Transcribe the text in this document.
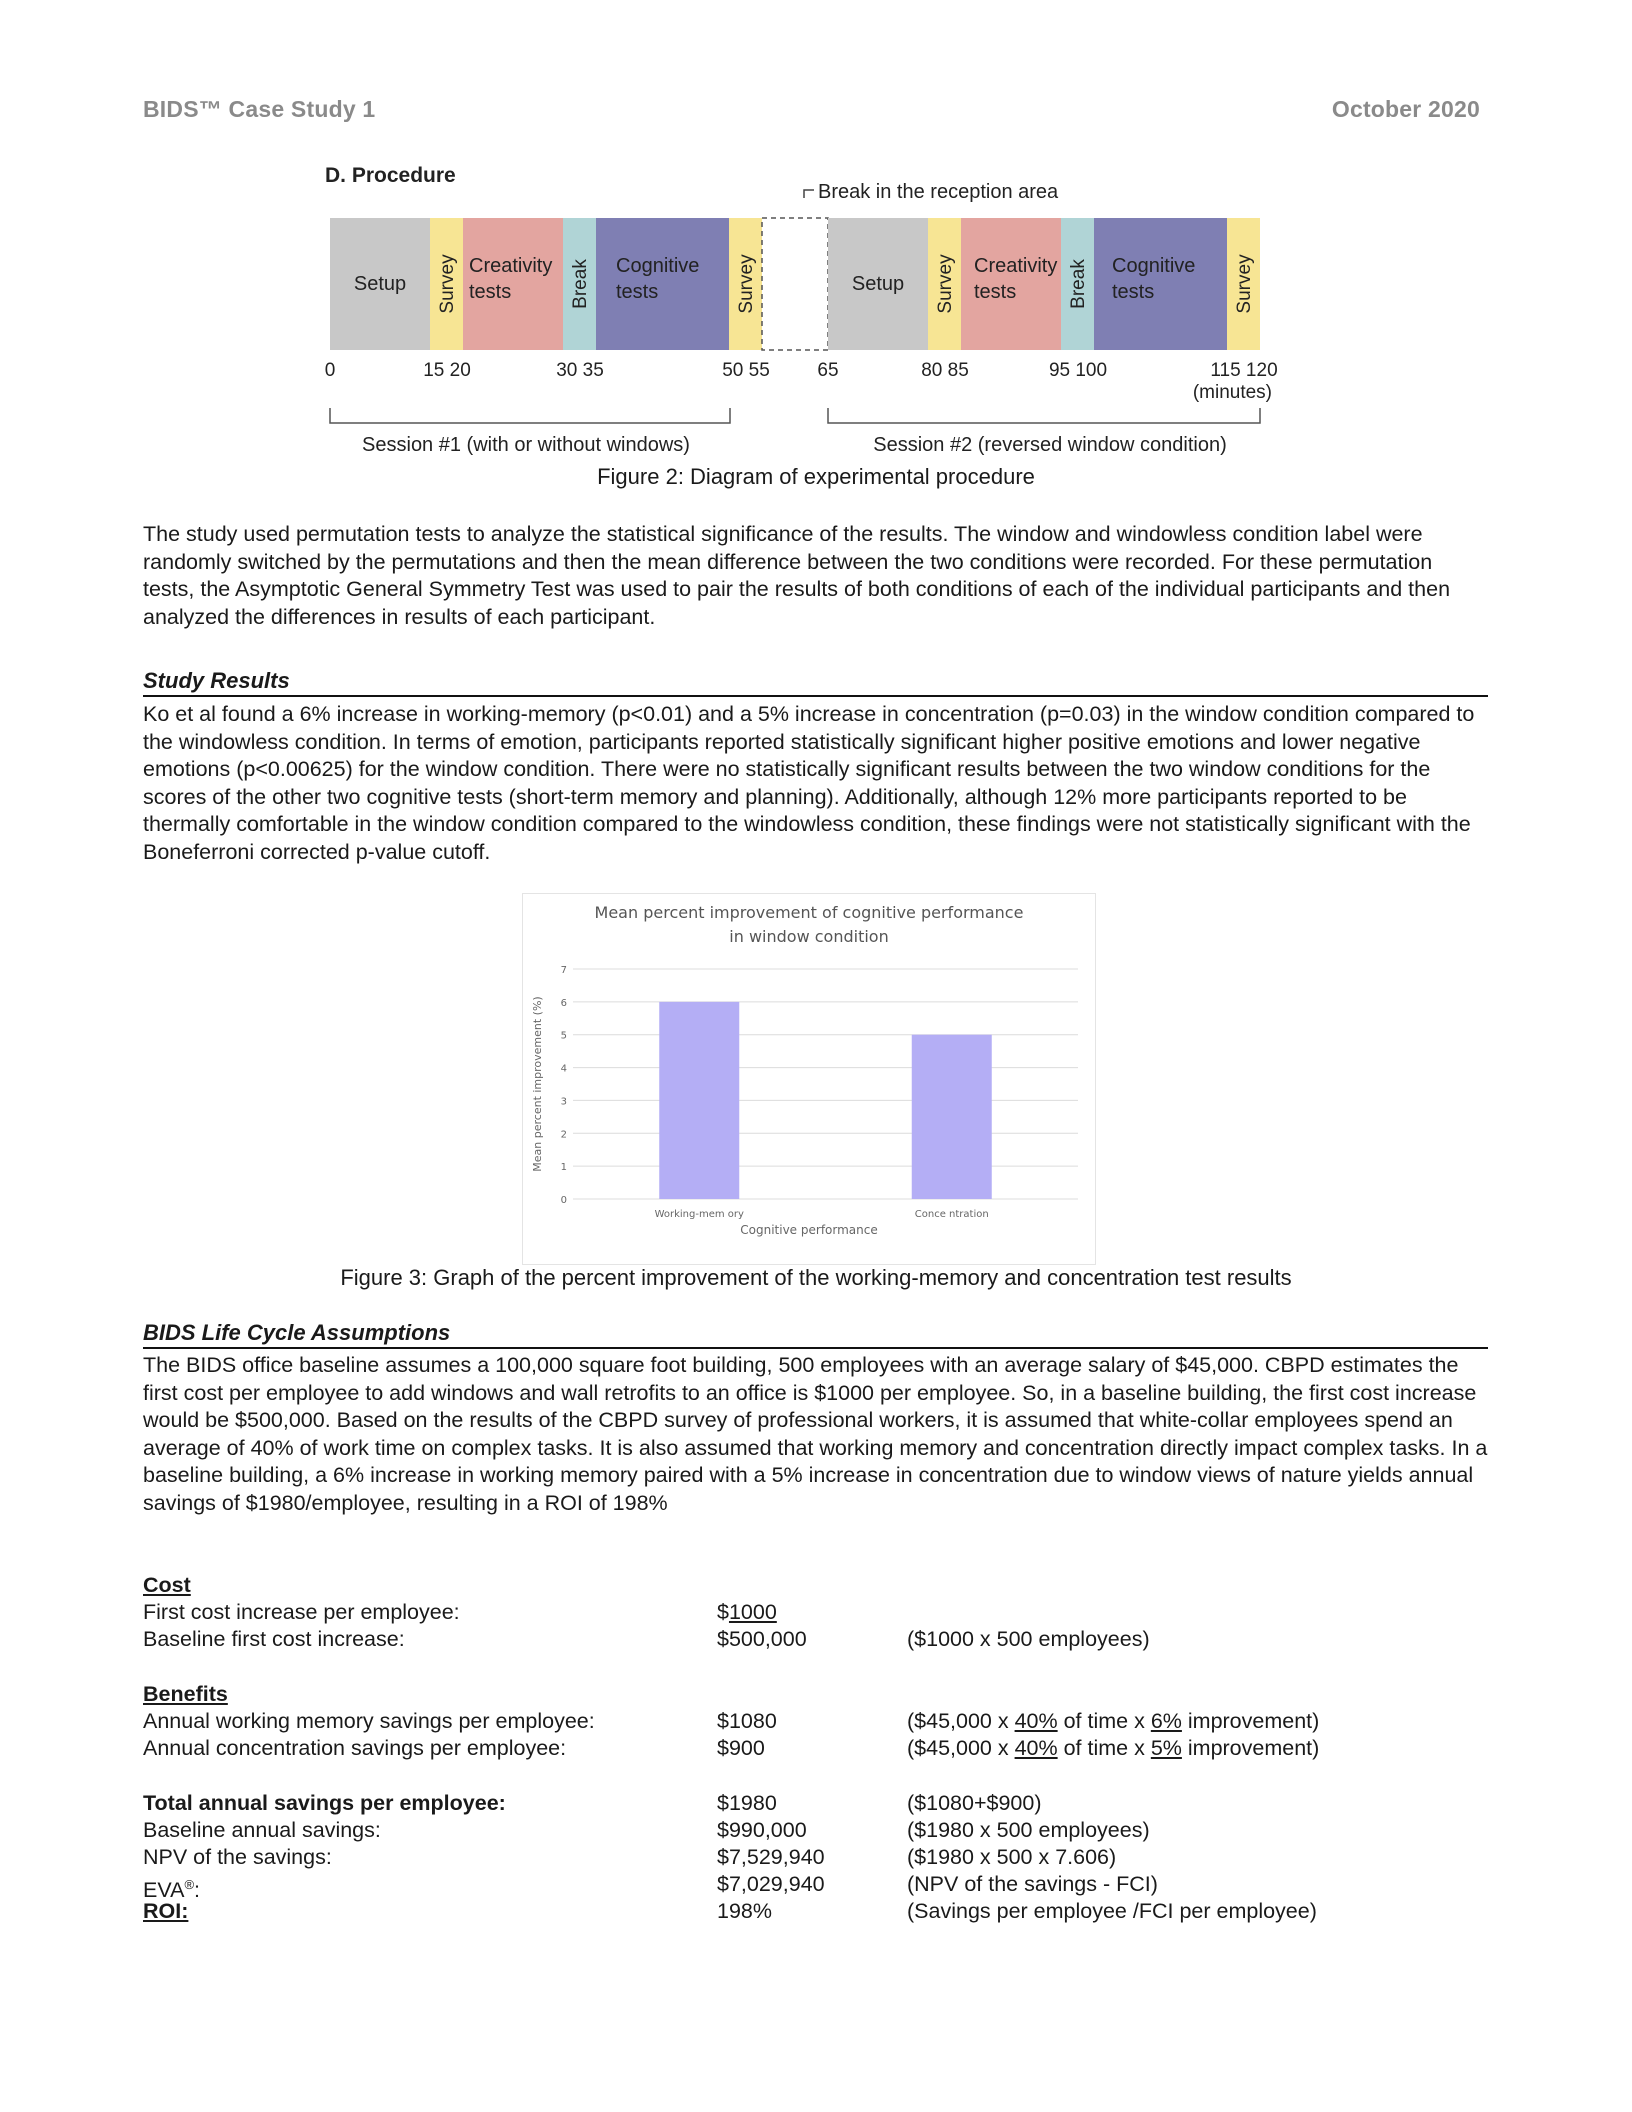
BIDS™ Case Study 1	October 2020
D. Procedure
Break in the reception area
Setup Survey Creativity
tests	Break Cognitive
tests	Survey	Setup Survey Creativity
tests	Break Cognitive
tests	Survey
0	15 20	30 35	50 55	65	80 85	95 100	115 120
(minutes)
Session #1 (with or without windows)	Session #2 (reversed window condition)
Figure 2: Diagram of experimental procedure
The study used permutation tests to analyze the statistical significance of the results. The window and windowless condition label were randomly switched by the permutations and then the mean difference between the two conditions were recorded. For these permutation tests, the Asymptotic General Symmetry Test was used to pair the results of both conditions of each of the individual participants and then analyzed the differences in results of each participant.
Study Results
Ko et al found a 6% increase in working-memory (p<0.01) and a 5% increase in concentration (p=0.03) in the window condition compared to the windowless condition. In terms of emotion, participants reported statistically significant higher positive emotions and lower negative emotions (p<0.00625) for the window condition. There were no statistically significant results between the two window conditions for the scores of the other two cognitive tests (short-term memory and planning). Additionally, although 12% more participants reported to be thermally comfortable in the window condition compared to the windowless condition, these findings were not statistically significant with the Boneferroni corrected p-value cutoff.
Mean percent improvement of cognitive performance
in window condition
0
1
2
3
4
5
6
7
Working-mem ory	Conce ntration
Cognitive performance
Mean percent improvement (%)
Figure 3: Graph of the percent improvement of the working-memory and concentration test results
BIDS Life Cycle Assumptions
The BIDS office baseline assumes a 100,000 square foot building, 500 employees with an average salary of $45,000. CBPD estimates the first cost per employee to add windows and wall retrofits to an office is $1000 per employee. So, in a baseline building, the first cost increase would be $500,000. Based on the results of the CBPD survey of professional workers, it is assumed that white-collar employees spend an average of 40% of work time on complex tasks. It is also assumed that working memory and concentration directly impact complex tasks. In a baseline building, a 6% increase in working memory paired with a 5% increase in concentration due to window views of nature yields annual savings of $1980/employee, resulting in a ROI of 198%
Cost
First cost increase per employee:	$1000
Baseline first cost increase:	$500,000	($1000 x 500 employees)
Benefits
Annual working memory savings per employee:	$1080	($45,000 x 40% of time x 6% improvement)
Annual concentration savings per employee:	$900	($45,000 x 40% of time x 5% improvement)
Total annual savings per employee:	$1980	($1080+$900)
Baseline annual savings:	$990,000	($1980 x 500 employees)
NPV of the savings:	$7,529,940	($1980 x 500 x 7.606)
EVA®:	$7,029,940	(NPV of the savings - FCI)
ROI:	198%	(Savings per employee /FCI per employee)
